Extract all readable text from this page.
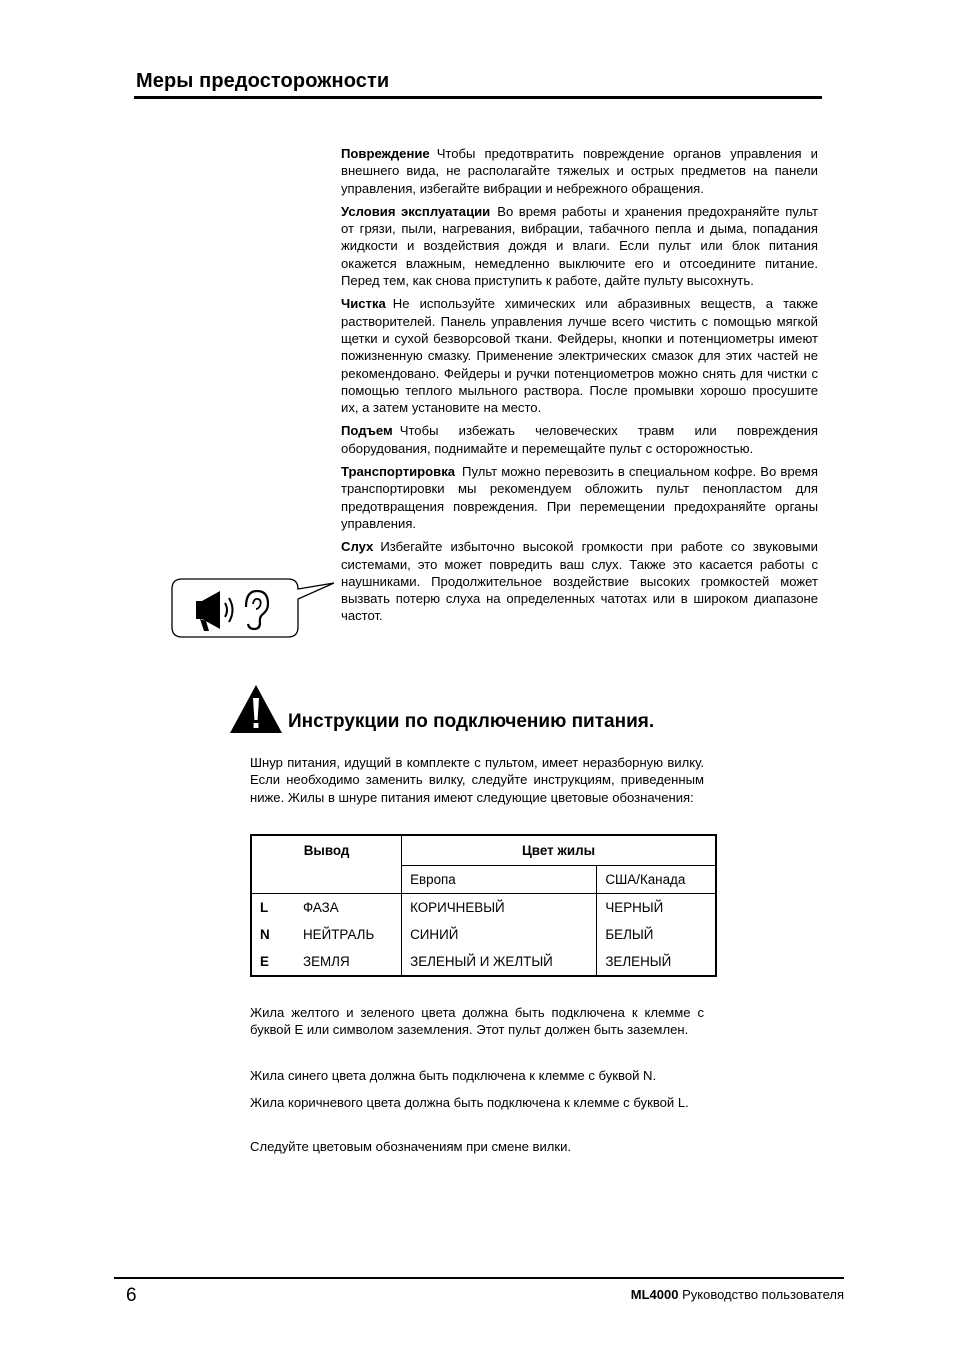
Меры предосторожности

Повреждение Чтобы предотвратить повреждение органов управления и внешнего вида, не располагайте тяжелых и острых предметов на панели управления, избегайте вибрации и небрежного обращения.

Условия эксплуатации Во время работы и хранения предохраняйте пульт от грязи, пыли, нагревания, вибрации, табачного пепла и дыма, попадания жидкости и воздействия дождя и влаги. Если пульт или блок питания окажется влажным, немедленно выключите его и отсоедините питание. Перед тем, как снова приступить к работе, дайте пульту высохнуть.

Чистка Не используйте химических или абразивных веществ, а также растворителей. Панель управления лучше всего чистить с помощью мягкой щетки и сухой безворсовой ткани. Фейдеры, кнопки и потенциометры имеют пожизненную смазку. Применение электрических смазок для этих частей не рекомендовано. Фейдеры и ручки потенциометров можно снять для чистки с помощью теплого мыльного раствора. После промывки хорошо просушите их, а затем установите на место.

Подъем Чтобы избежать человеческих травм или повреждения оборудования, поднимайте и перемещайте пульт с осторожностью.

Транспортировка Пульт можно перевозить в специальном кофре. Во время транспортировки мы рекомендуем обложить пульт пенопластом для предотвращения повреждения. При перемещении предохраняйте органы управления.

Слух Избегайте избыточно высокой громкости при работе со звуковыми системами, это может повредить ваш слух. Также это касается работы с наушниками. Продолжительное воздействие высоких громкостей может вызвать потерю слуха на определенных чатотах или в широком диапазоне частот.

Инструкции по подключению питания.
Шнур питания, идущий в комплекте с пультом, имеет неразборную вилку. Если необходимо заменить вилку, следуйте инструкциям, приведенным ниже. Жилы в шнуре питания имеют следующие цветовые обозначения:
Вывод		Цвет жилы	
		Европа	США/Канада
L	ФАЗА	КОРИЧНЕВЫЙ	ЧЕРНЫЙ
N	НЕЙТРАЛЬ	СИНИЙ	БЕЛЫЙ
E	ЗЕМЛЯ	ЗЕЛЕНЫЙ И ЖЕЛТЫЙ	ЗЕЛЕНЫЙ
Жила желтого и зеленого цвета должна быть подключена к клемме с буквой E или символом заземления. Этот пульт должен быть заземлен.
Жила синего цвета должна быть подключена к клемме с буквой N.
Жила коричневого цвета должна быть подключена к клемме с буквой L.
Следуйте цветовым обозначениям при смене вилки.
6	ML4000 Руководство пользователя
